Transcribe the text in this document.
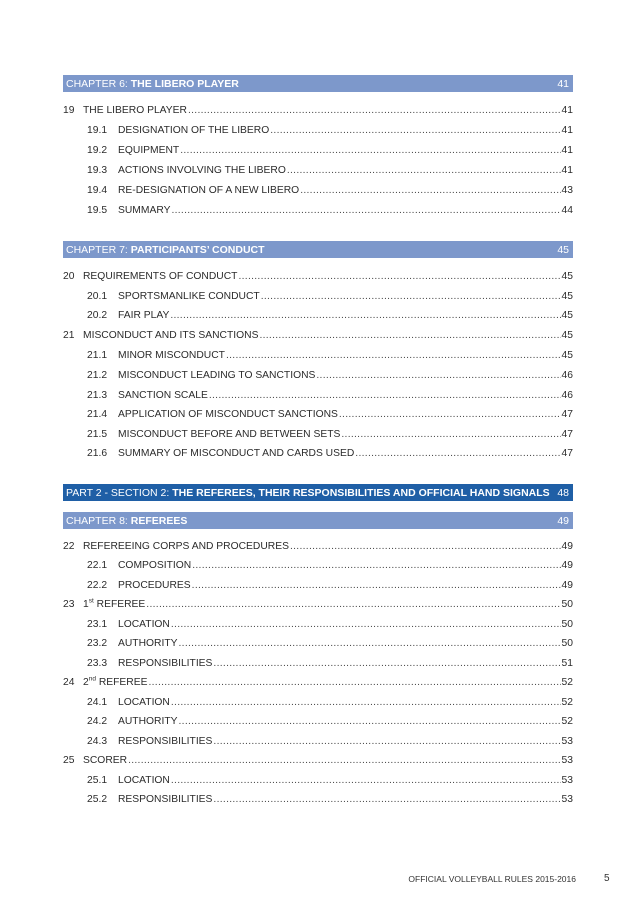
CHAPTER 6: THE LIBERO PLAYER	41
19 THE LIBERO PLAYER .....	41
19.1	DESIGNATION OF THE LIBERO .....	41
19.2	EQUIPMENT .....	41
19.3	ACTIONS INVOLVING THE LIBERO .....	41
19.4	RE-DESIGNATION OF A NEW LIBERO .....	43
19.5	SUMMARY .....	44
CHAPTER 7: PARTICIPANTS’ CONDUCT	45
20 REQUIREMENTS OF CONDUCT .....	45
20.1	SPORTSMANLIKE CONDUCT .....	45
20.2	FAIR PLAY .....	45
21 MISCONDUCT AND ITS SANCTIONS .....	45
21.1	MINOR MISCONDUCT .....	45
21.2	MISCONDUCT LEADING TO SANCTIONS .....	46
21.3	SANCTION SCALE .....	46
21.4	APPLICATION OF MISCONDUCT SANCTIONS .....	47
21.5	MISCONDUCT BEFORE AND BETWEEN SETS .....	47
21.6	SUMMARY OF MISCONDUCT AND CARDS USED .....	47
PART 2 - SECTION 2: THE REFEREES, THEIR RESPONSIBILITIES AND OFFICIAL HAND SIGNALS 48
CHAPTER 8: REFEREES	49
22 REFEREEING CORPS AND PROCEDURES .....	49
22.1	COMPOSITION .....	49
22.2	PROCEDURES .....	49
23 1st REFEREE .....	50
23.1	LOCATION .....	50
23.2	AUTHORITY .....	50
23.3	RESPONSIBILITIES .....	51
24 2nd REFEREE .....	52
24.1	LOCATION .....	52
24.2	AUTHORITY .....	52
24.3	RESPONSIBILITIES .....	53
25 SCORER .....	53
25.1	LOCATION .....	53
25.2	RESPONSIBILITIES .....	53
OFFICIAL VOLLEYBALL RULES 2015-2016	5
